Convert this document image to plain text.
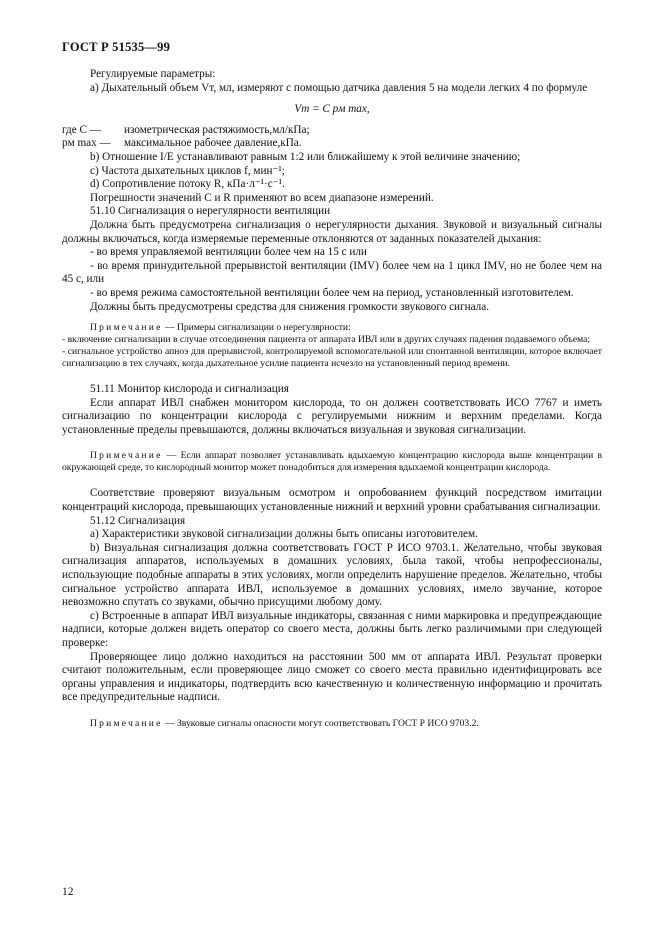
ГОСТ Р 51535—99

Регулируемые параметры:

а) Дыхательный объем Vт, мл, измеряют с помощью датчика давления 5 на модели легких 4 по формуле

Vт = C pм max,

где C —	изометрическая растяжимость,мл/кПа;
pм max —	максимальное рабочее давление,кПа.

b) Отношение I/E устанавливают равным 1:2 или ближайшему к этой величине значению;

с) Частота дыхательных циклов f, мин⁻¹;

d) Сопротивление потоку R, кПа·л⁻¹·с⁻¹.

Погрешности значений C и R применяют во всем диапазоне измерений.

51.10 Сигнализация о нерегулярности вентиляции

Должна быть предусмотрена сигнализация о нерегулярности дыхания. Звуковой и визуальный сигналы должны включаться, когда измеряемые переменные отклоняются от заданных показателей дыхания:

- во время управляемой вентиляции более чем на 15 с или

- во время принудительной прерывистой вентиляции (IMV) более чем на 1 цикл IMV, но не более чем на 45 с, или

- во время режима самостоятельной вентиляции более чем на период, установленный изготовителем.

Должны быть предусмотрены средства для снижения громкости звукового сигнала.

Примечание — Примеры сигнализации о нерегулярности:

- включение сигнализации в случае отсоединения пациента от аппарата ИВЛ или в других случаях падения подаваемого объема;

- сигнальное устройство апноэ для прерывистой, контролируемой вспомогательной или спонтанной вентиляции, которое включает сигнализацию в тех случаях, когда дыхательное усилие пациента исчезло на установленный период времени.

51.11 Монитор кислорода и сигнализация

Если аппарат ИВЛ снабжен монитором кислорода, то он должен соответствовать ИСО 7767 и иметь сигнализацию по концентрации кислорода с регулируемыми нижним и верхним пределами. Когда установленные пределы превышаются, должны включаться визуальная и звуковая сигнализации.

Примечание — Если аппарат позволяет устанавливать вдыхаемую концентрацию кислорода выше концентрации в окружающей среде, то кислородный монитор может понадобиться для измерения вдыхаемой концентрации кислорода.

Соответствие проверяют визуальным осмотром и опробованием функций посредством имитации концентраций кислорода, превышающих установленные нижний и верхний уровни срабатывания сигнализации.

51.12 Сигнализация

а) Характеристики звуковой сигнализации должны быть описаны изготовителем.

b) Визуальная сигнализация должна соответствовать ГОСТ Р ИСО 9703.1. Желательно, чтобы звуковая сигнализация аппаратов, используемых в домашних условиях, была такой, чтобы непрофессионалы, использующие подобные аппараты в этих условиях, могли определить нарушение пределов. Желательно, чтобы сигнальное устройство аппарата ИВЛ, используемое в домашних условиях, имело звучание, которое невозможно спутать со звуками, обычно присущими любому дому.

с) Встроенные в аппарат ИВЛ визуальные индикаторы, связанная с ними маркировка и предупреждающие надписи, которые должен видеть оператор со своего места, должны быть легко различимыми при следующей проверке:

Проверяющее лицо должно находиться на расстоянии 500 мм от аппарата ИВЛ. Результат проверки считают положительным, если проверяющее лицо сможет со своего места правильно идентифицировать все органы управления и индикаторы, подтвердить всю качественную и количественную информацию и прочитать все предупредительные надписи.

Примечание — Звуковые сигналы опасности могут соответствовать ГОСТ Р ИСО 9703.2.

12
